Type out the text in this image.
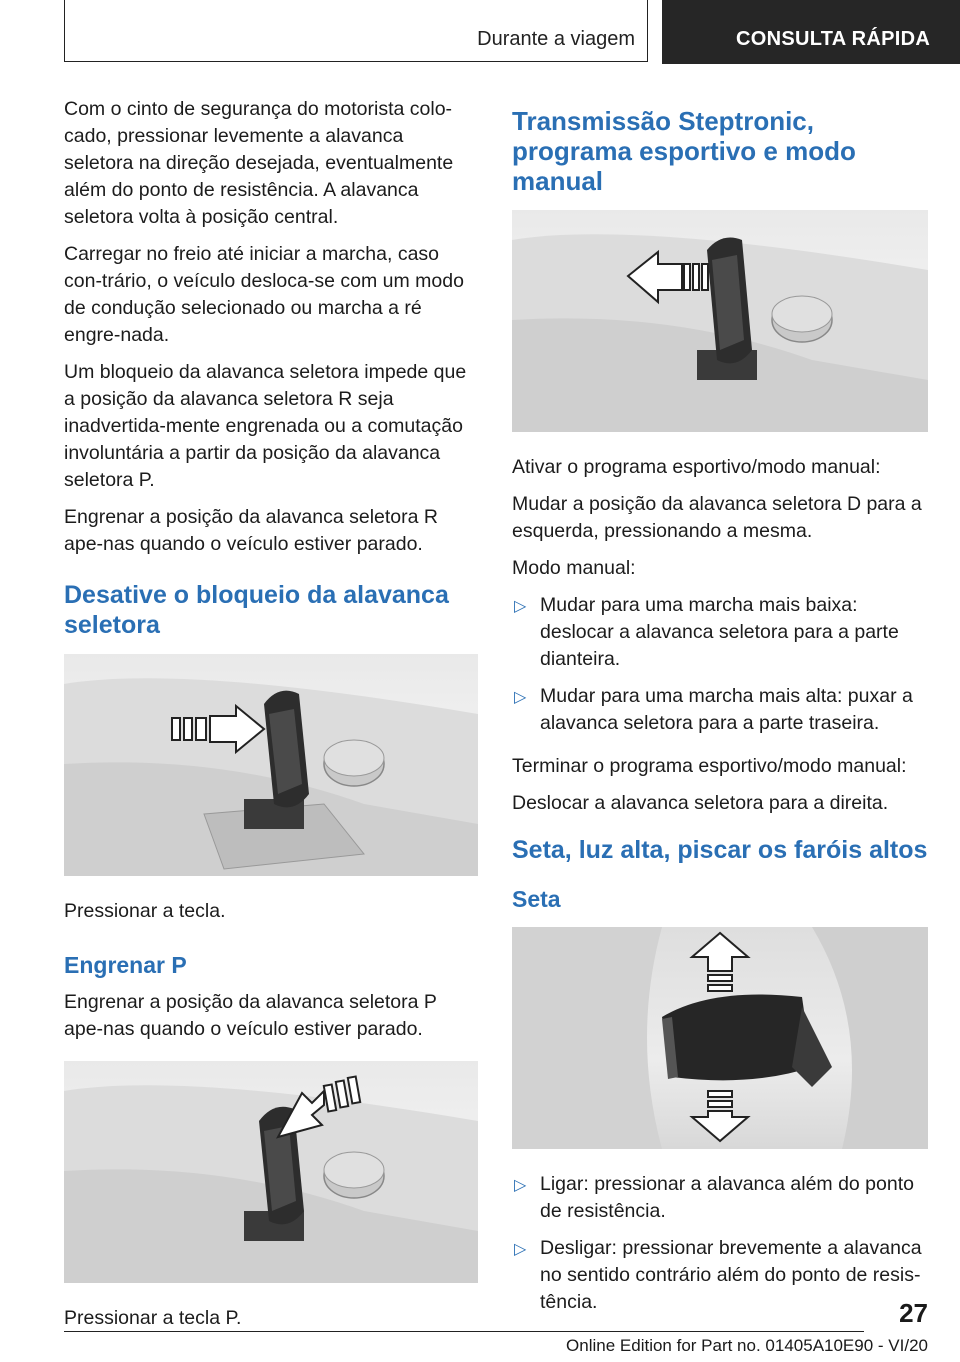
Durante a viagem	CONSULTA RÁPIDA

Com o cinto de segurança do motorista colo-cado, pressionar levemente a alavanca seletora na direção desejada, eventualmente além do ponto de resistência. A alavanca seletora volta à posição central.

Carregar no freio até iniciar a marcha, caso con-trário, o veículo desloca-se com um modo de condução selecionado ou marcha a ré engre-nada.

Um bloqueio da alavanca seletora impede que a posição da alavanca seletora R seja inadvertida-mente engrenada ou a comutação involuntária a partir da posição da alavanca seletora P.

Engrenar a posição da alavanca seletora R ape-nas quando o veículo estiver parado.

Desative o bloqueio da alavanca seletora

Pressionar a tecla.

Engrenar P

Engrenar a posição da alavanca seletora P ape-nas quando o veículo estiver parado.

Pressionar a tecla P.

Transmissão Steptronic, programa esportivo e modo manual

Ativar o programa esportivo/modo manual:

Mudar a posição da alavanca seletora D para a esquerda, pressionando a mesma.

Modo manual:

▷ Mudar para uma marcha mais baixa: deslocar a alavanca seletora para a parte dianteira.
▷ Mudar para uma marcha mais alta: puxar a alavanca seletora para a parte traseira.

Terminar o programa esportivo/modo manual:

Deslocar a alavanca seletora para a direita.

Seta, luz alta, piscar os faróis altos
Seta
▷ Ligar: pressionar a alavanca além do ponto de resistência.
▷ Desligar: pressionar brevemente a alavanca no sentido contrário além do ponto de resis-tência.	27
Online Edition for Part no. 01405A10E90 - VI/20
